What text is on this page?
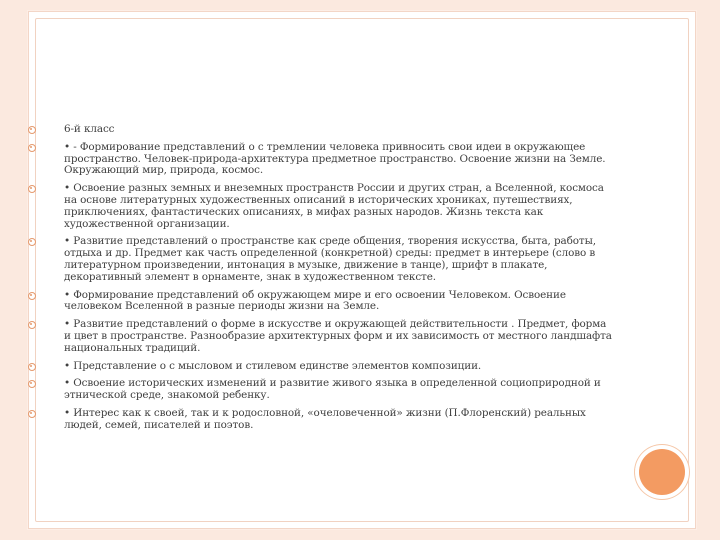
6-й класс
• - Формирование представлений о с тремлении человека привносить свои идеи в окружающее пространство. Человек-природа-архитектура предметное пространство. Освоение жизни на Земле. Окружающий мир, природа, космос.
• Освоение разных земных и внеземных пространств России и других стран, а Вселенной, космоса на основе литературных художественных описаний в исторических хрониках, путешествиях, приключениях, фантастических описаниях, в мифах разных народов. Жизнь текста как художественной организации.
• Развитие представлений о пространстве как среде общения, творения искусства, быта, работы, отдыха и др. Предмет как часть определенной (конкретной) среды: предмет в интерьере (слово в литературном произведении, интонация в музыке, движение в танце), шрифт в плакате, декоративный элемент в орнаменте, знак в художественном тексте.
• Формирование представлений об окружающем мире и его освоении Человеком. Освоение человеком Вселенной в разные периоды жизни на Земле.
• Развитие представлений о форме в искусстве и окружающей действительности . Предмет, форма и цвет в пространстве. Разнообразие архитектурных форм и их зависимость от местного ландшафта национальных традиций.
• Представление о с мысловом и стилевом единстве элементов композиции.
• Освоение исторических изменений и развитие живого языка в определенной социоприродной и этнической среде, знакомой ребенку.
• Интерес как к своей, так и к родословной, «очеловеченной» жизни (П.Флоренский) реальных людей, семей, писателей и поэтов.
